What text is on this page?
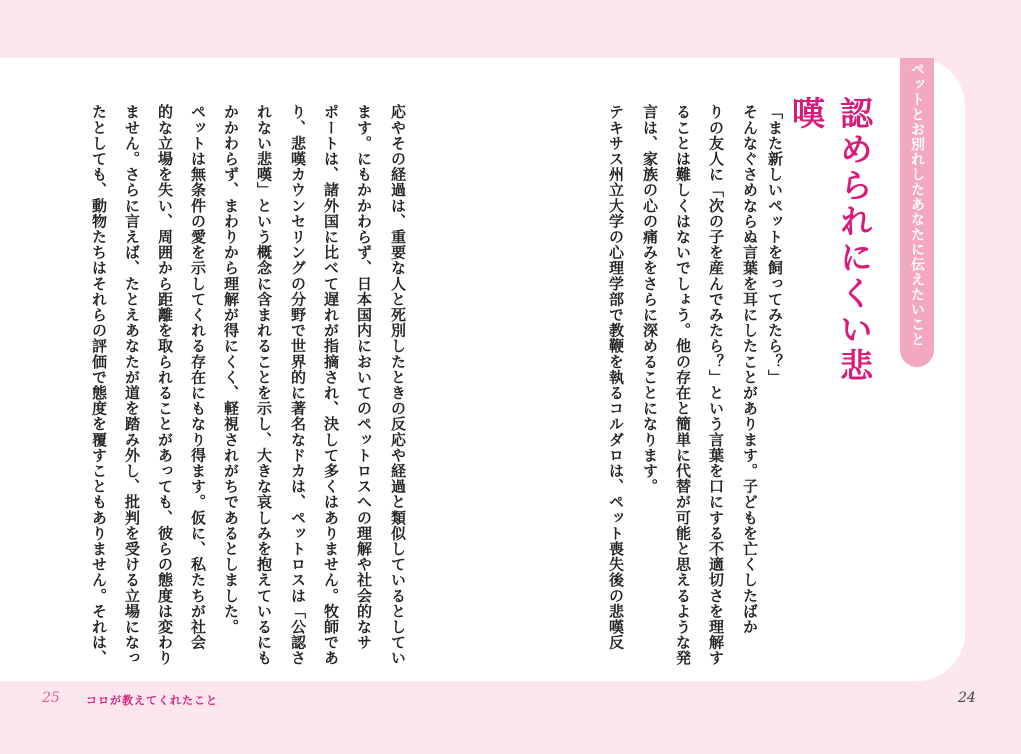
ペットとお別れしたあなたに伝えたいこと①
認められにくい悲嘆
「また新しいペットを飼ってみたら？」
そんなぐさめならぬ言葉を耳にしたことがあります。子どもを亡くしたばか
りの友人に「次の子を産んでみたら？」という言葉を口にする不適切さを理解す
ることは難しくはないでしょう。他の存在と簡単に代替が可能と思えるような発
言は、家族の心の痛みをさらに深めることになります。
テキサス州立大学の心理学部で教鞭を執るコルダロは、ペット喪失後の悲嘆反
応やその経過は、重要な人と死別したときの反応や経過と類似しているとしてい
ます。にもかかわらず、日本国内においてのペットロスへの理解や社会的なサ
ポートは、諸外国に比べて遅れが指摘され、決して多くはありません。牧師であ
り、悲嘆カウンセリングの分野で世界的に著名なドカは、ペットロスは「公認さ
れない悲嘆」という概念に含まれることを示し、大きな哀しみを抱えているにも
かかわらず、まわりから理解が得にくく、軽視されがちであるとしました。
ペットは無条件の愛を示してくれる存在にもなり得ます。仮に、私たちが社会
的な立場を失い、周囲から距離を取られることがあっても、彼らの態度は変わり
ません。さらに言えば、たとえあなたが道を踏み外し、批判を受ける立場になっ
たとしても、動物たちはそれらの評価で態度を覆すこともありません。それは、
25 コロが教えてくれたこと	24
